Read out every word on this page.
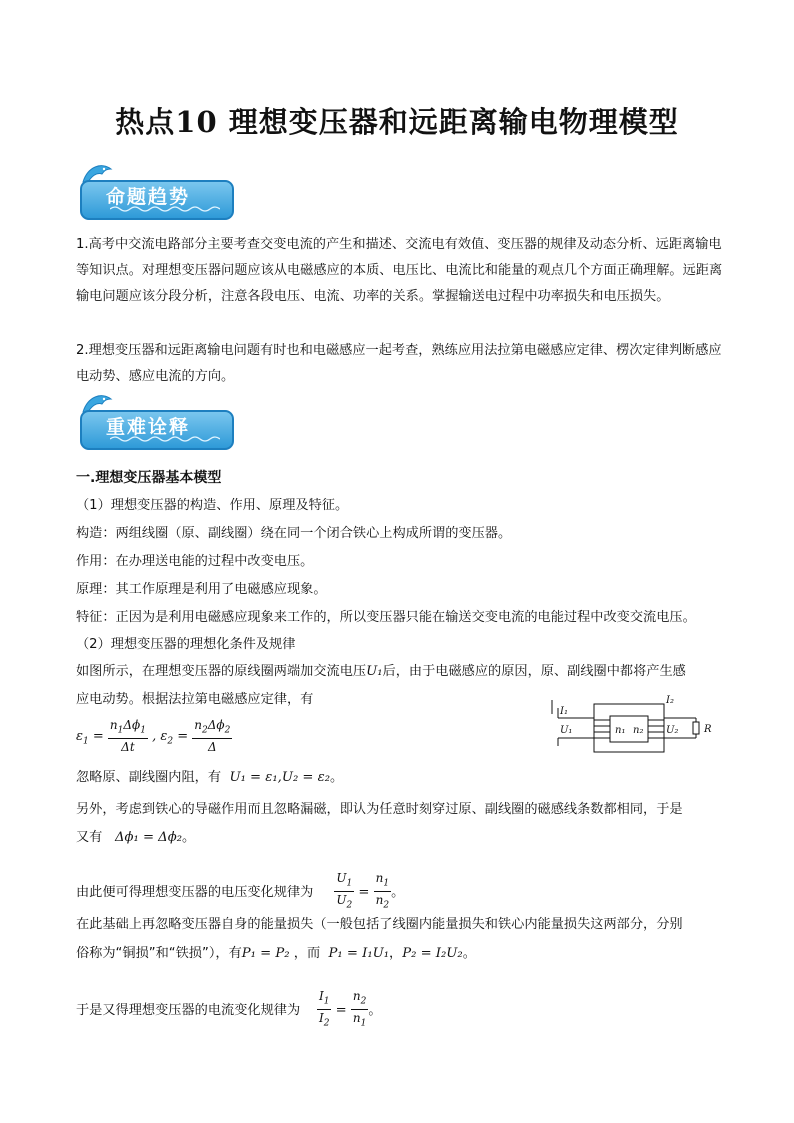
热点10 理想变压器和远距离输电物理模型
命题趋势
1.高考中交流电路部分主要考查交变电流的产生和描述、交流电有效值、变压器的规律及动态分析、远距离输电等知识点。对理想变压器问题应该从电磁感应的本质、电压比、电流比和能量的观点几个方面正确理解。远距离输电问题应该分段分析，注意各段电压、电流、功率的关系。掌握输送电过程中功率损失和电压损失。
2.理想变压器和远距离输电问题有时也和电磁感应一起考查，熟练应用法拉第电磁感应定律、楞次定律判断感应电动势、感应电流的方向。
重难诠释
一.理想变压器基本模型
（1）理想变压器的构造、作用、原理及特征。
构造：两组线圈（原、副线圈）绕在同一个闭合铁心上构成所谓的变压器。
作用：在办理送电能的过程中改变电压。
原理：其工作原理是利用了电磁感应现象。
特征：正因为是利用电磁感应现象来工作的，所以变压器只能在输送交变电流的电能过程中改变交流电压。
（2）理想变压器的理想化条件及规律
如图所示，在理想变压器的原线圈两端加交流电压U₁后，由于电磁感应的原因，原、副线圈中都将产生感
应电动势。根据法拉第电磁感应定律，有
$\varepsilon_1 = \frac{n_1\Delta\phi_1}{\Delta t}$ , $\varepsilon_2 = \frac{n_2\Delta\phi_2}{\Delta}$
I₁
U₁	n₁ n₂
I₂
U₂	R
忽略原、副线圈内阻，有 U₁ = ε₁,U₂ = ε₂。
另外，考虑到铁心的导磁作用而且忽略漏磁，即认为任意时刻穿过原、副线圈的磁感线条数都相同，于是
又有 Δϕ₁ = Δϕ₂。
由此便可得理想变压器的电压变化规律为 $\frac{U_1}{U_2} = \frac{n_1}{n_2}$ 。
在此基础上再忽略变压器自身的能量损失（一般包括了线圈内能量损失和铁心内能量损失这两部分，分别
俗称为“铜损”和“铁损”），有P₁ = P₂ ，而 P₁ = I₁U₁，P₂ = I₂U₂。
于是又得理想变压器的电流变化规律为 $\frac{I_1}{I_2} = \frac{n_2}{n_1}$ 。
